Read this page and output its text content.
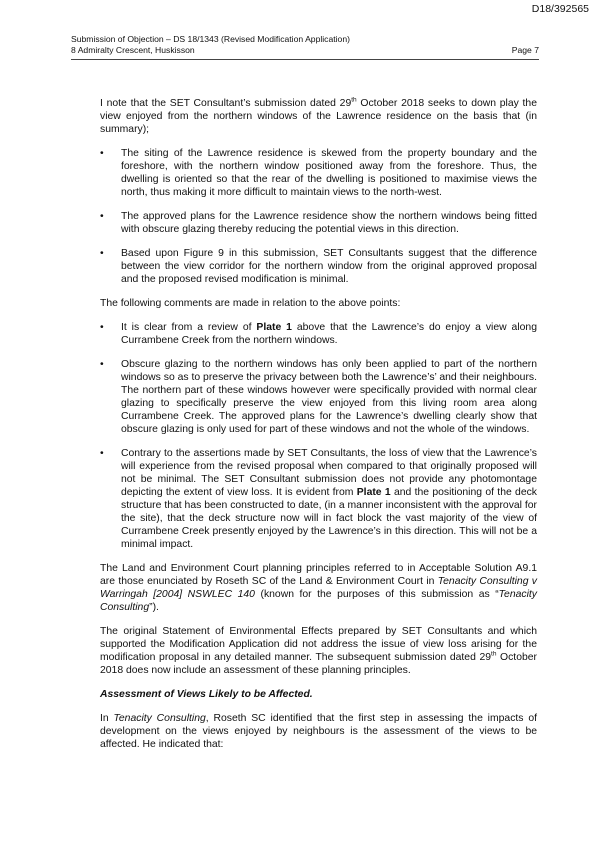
D18/392565
Submission of Objection – DS 18/1343 (Revised Modification Application)
8 Admiralty Crescent, Huskisson	Page 7

I note that the SET Consultant’s submission dated 29th October 2018 seeks to down play the view enjoyed from the northern windows of the Lawrence residence on the basis that (in summary);

• The siting of the Lawrence residence is skewed from the property boundary and the foreshore, with the northern window positioned away from the foreshore. Thus, the dwelling is oriented so that the rear of the dwelling is positioned to maximise views the north, thus making it more difficult to maintain views to the north-west.
• The approved plans for the Lawrence residence show the northern windows being fitted with obscure glazing thereby reducing the potential views in this direction.
• Based upon Figure 9 in this submission, SET Consultants suggest that the difference between the view corridor for the northern window from the original approved proposal and the proposed revised modification is minimal.

The following comments are made in relation to the above points:

• It is clear from a review of Plate 1 above that the Lawrence’s do enjoy a view along Currambene Creek from the northern windows.
• Obscure glazing to the northern windows has only been applied to part of the northern windows so as to preserve the privacy between both the Lawrence’s’ and their neighbours. The northern part of these windows however were specifically provided with normal clear glazing to specifically preserve the view enjoyed from this living room area along Currambene Creek. The approved plans for the Lawrence’s dwelling clearly show that obscure glazing is only used for part of these windows and not the whole of the windows.
• Contrary to the assertions made by SET Consultants, the loss of view that the Lawrence’s will experience from the revised proposal when compared to that originally proposed will not be minimal. The SET Consultant submission does not provide any photomontage depicting the extent of view loss. It is evident from Plate 1 and the positioning of the deck structure that has been constructed to date, (in a manner inconsistent with the approval for the site), that the deck structure now will in fact block the vast majority of the view of Currambene Creek presently enjoyed by the Lawrence’s in this direction. This will not be a minimal impact.

The Land and Environment Court planning principles referred to in Acceptable Solution A9.1 are those enunciated by Roseth SC of the Land & Environment Court in Tenacity Consulting v Warringah [2004] NSWLEC 140 (known for the purposes of this submission as “Tenacity Consulting”).

The original Statement of Environmental Effects prepared by SET Consultants and which supported the Modification Application did not address the issue of view loss arising for the modification proposal in any detailed manner. The subsequent submission dated 29th October 2018 does now include an assessment of these planning principles.

Assessment of Views Likely to be Affected.

In Tenacity Consulting, Roseth SC identified that the first step in assessing the impacts of development on the views enjoyed by neighbours is the assessment of the views to be affected. He indicated that:
